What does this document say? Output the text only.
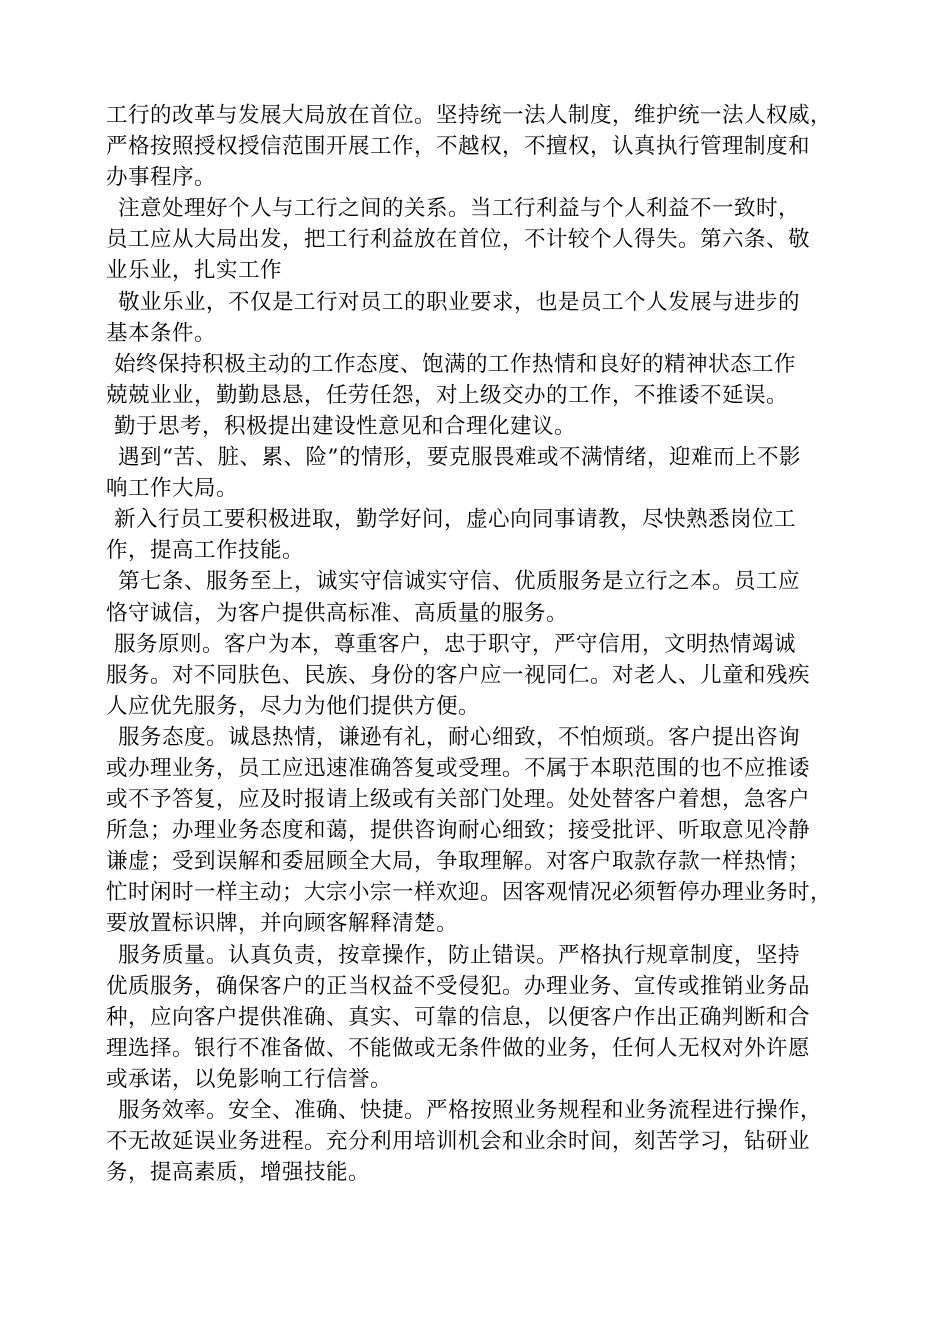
工行的改革与发展大局放在首位。坚持统一法人制度，维护统一法人权威，
严格按照授权授信范围开展工作，不越权，不擅权，认真执行管理制度和
办事程序。
注意处理好个人与工行之间的关系。当工行利益与个人利益不一致时，
员工应从大局出发，把工行利益放在首位，不计较个人得失。第六条、敬
业乐业，扎实工作
敬业乐业，不仅是工行对员工的职业要求，也是员工个人发展与进步的
基本条件。
始终保持积极主动的工作态度、饱满的工作热情和良好的精神状态工作
兢兢业业，勤勤恳恳，任劳任怨，对上级交办的工作，不推诿不延误。
勤于思考，积极提出建设性意见和合理化建议。
遇到“苦、脏、累、险”的情形，要克服畏难或不满情绪，迎难而上不影
响工作大局。
新入行员工要积极进取，勤学好问，虚心向同事请教，尽快熟悉岗位工
作，提高工作技能。
第七条、服务至上，诚实守信诚实守信、优质服务是立行之本。员工应
恪守诚信，为客户提供高标准、高质量的服务。
服务原则。客户为本，尊重客户，忠于职守，严守信用，文明热情竭诚
服务。对不同肤色、民族、身份的客户应一视同仁。对老人、儿童和残疾
人应优先服务，尽力为他们提供方便。
服务态度。诚恳热情，谦逊有礼，耐心细致，不怕烦琐。客户提出咨询
或办理业务，员工应迅速准确答复或受理。不属于本职范围的也不应推诿
或不予答复，应及时报请上级或有关部门处理。处处替客户着想，急客户
所急；办理业务态度和蔼，提供咨询耐心细致；接受批评、听取意见冷静
谦虚；受到误解和委屈顾全大局，争取理解。对客户取款存款一样热情；
忙时闲时一样主动；大宗小宗一样欢迎。因客观情况必须暂停办理业务时，
要放置标识牌，并向顾客解释清楚。
服务质量。认真负责，按章操作，防止错误。严格执行规章制度，坚持
优质服务，确保客户的正当权益不受侵犯。办理业务、宣传或推销业务品
种，应向客户提供准确、真实、可靠的信息，以便客户作出正确判断和合
理选择。银行不准备做、不能做或无条件做的业务，任何人无权对外许愿
或承诺，以免影响工行信誉。
服务效率。安全、准确、快捷。严格按照业务规程和业务流程进行操作，
不无故延误业务进程。充分利用培训机会和业余时间，刻苦学习，钻研业
务，提高素质，增强技能。
